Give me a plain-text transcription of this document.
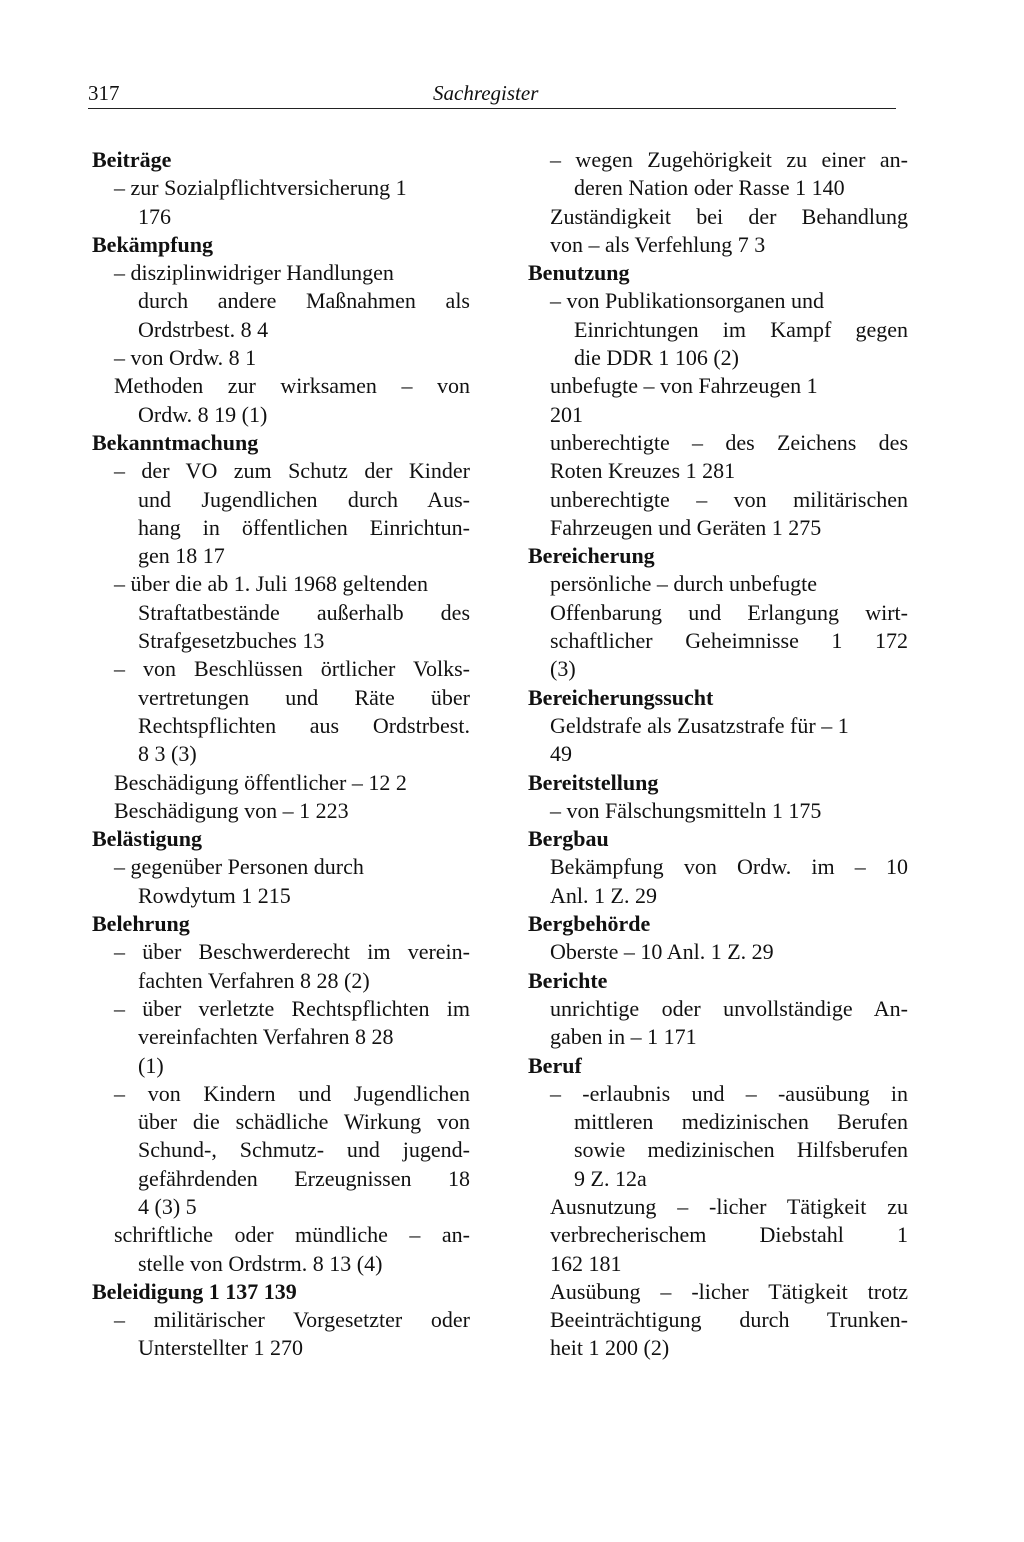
317	Sachregister
Beiträge
– zur Sozialpflichtversicherung 1
176
Bekämpfung
– disziplinwidriger Handlungen
durch andere Maßnahmen als
Ordstrbest. 8 4
– von Ordw. 8 1
Methoden zur wirksamen – von
Ordw. 8 19 (1)
Bekanntmachung
– der VO zum Schutz der Kinder
und Jugendlichen durch Aus-
hang in öffentlichen Einrichtun-
gen 18 17
– über die ab 1. Juli 1968 geltenden
Straftatbestände außerhalb des
Strafgesetzbuches 13
– von Beschlüssen örtlicher Volks-
vertretungen und Räte über
Rechtspflichten aus Ordstrbest.
8 3 (3)
Beschädigung öffentlicher – 12 2
Beschädigung von – 1 223
Belästigung
– gegenüber Personen durch
Rowdytum 1 215
Belehrung
– über Beschwerderecht im verein-
fachten Verfahren 8 28 (2)
– über verletzte Rechtspflichten im
vereinfachten Verfahren 8 28
(1)
– von Kindern und Jugendlichen
über die schädliche Wirkung von
Schund-, Schmutz- und jugend-
gefährdenden Erzeugnissen 18
4 (3) 5
schriftliche oder mündliche – an-
stelle von Ordstrm. 8 13 (4)
Beleidigung 1 137 139
– militärischer Vorgesetzter oder
Unterstellter 1 270
– wegen Zugehörigkeit zu einer an-
deren Nation oder Rasse 1 140
Zuständigkeit bei der Behandlung
von – als Verfehlung 7 3
Benutzung
– von Publikationsorganen und
Einrichtungen im Kampf gegen
die DDR 1 106 (2)
unbefugte – von Fahrzeugen 1
201
unberechtigte – des Zeichens des
Roten Kreuzes 1 281
unberechtigte – von militärischen
Fahrzeugen und Geräten 1 275
Bereicherung
persönliche – durch unbefugte
Offenbarung und Erlangung wirt-
schaftlicher Geheimnisse 1 172
(3)
Bereicherungssucht
Geldstrafe als Zusatzstrafe für – 1
49
Bereitstellung
– von Fälschungsmitteln 1 175
Bergbau
Bekämpfung von Ordw. im – 10
Anl. 1 Z. 29
Bergbehörde
Oberste – 10 Anl. 1 Z. 29
Berichte
unrichtige oder unvollständige An-
gaben in – 1 171
Beruf
– -erlaubnis und – -ausübung in
mittleren medizinischen Berufen
sowie medizinischen Hilfsberufen
9 Z. 12a
Ausnutzung – -licher Tätigkeit zu
verbrecherischem Diebstahl 1
162 181
Ausübung – -licher Tätigkeit trotz
Beeinträchtigung durch Trunken-
heit 1 200 (2)
